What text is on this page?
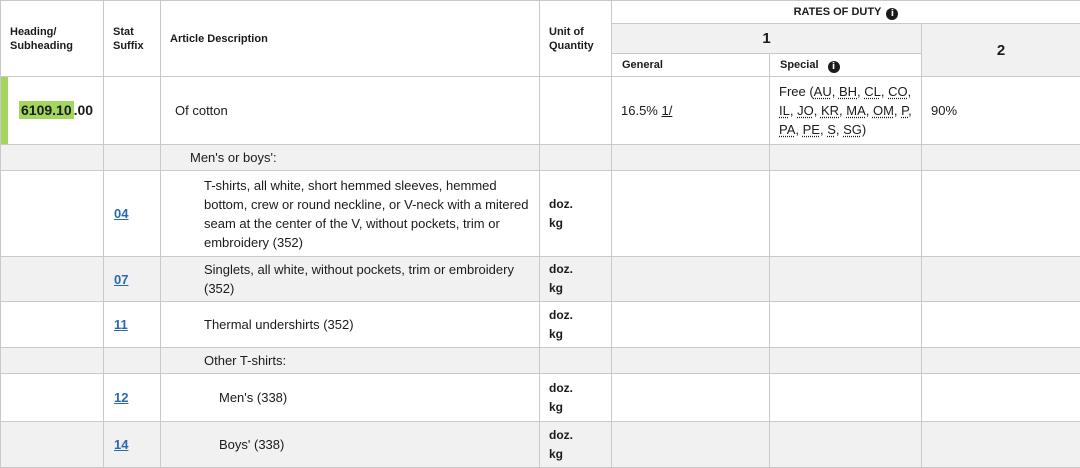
Heading/ Subheading	Stat Suffix	Article Description	Unit of Quantity	RATES OF DUTY i		
				1		2
				General	Special i	

6109.10 .00		Of cotton		16.5% 1/	Free (AU, BH, CL, CO, IL, JO, KR, MA, OM, P, PA, PE, S, SG)	90%
		Men's or boys':				
	04	T-shirts, all white, short hemmed sleeves, hemmed bottom, crew or round neckline, or V-neck with a mitered seam at the center of the V, without pockets, trim or embroidery (352)	doz.
kg			

	07	Singlets, all white, without pockets, trim or embroidery (352)	doz.
kg			

	11	Thermal undershirts (352)	doz.
kg			

		Other T-shirts:				
	12	Men's (338)	doz.
kg			

	14	Boys' (338)	doz.
kg			
